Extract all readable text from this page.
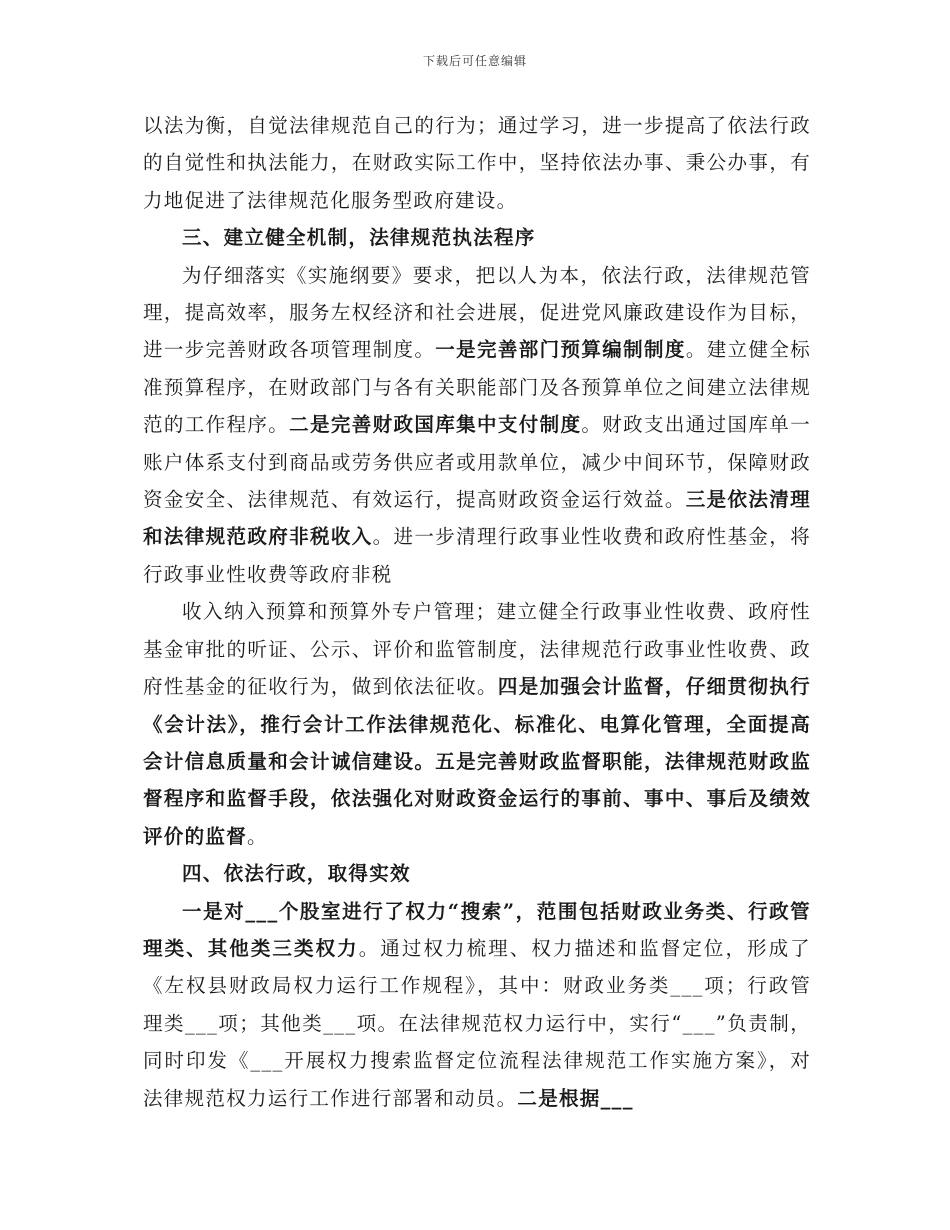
下载后可任意编辑

以法为衡，自觉法律规范自己的行为；通过学习，进一步提高了依法行政的自觉性和执法能力，在财政实际工作中，坚持依法办事、秉公办事，有力地促进了法律规范化服务型政府建设。

三、建立健全机制，法律规范执法程序

为仔细落实《实施纲要》要求，把以人为本，依法行政，法律规范管理，提高效率，服务左权经济和社会进展，促进党风廉政建设作为目标，进一步完善财政各项管理制度。一是完善部门预算编制制度。建立健全标准预算程序，在财政部门与各有关职能部门及各预算单位之间建立法律规范的工作程序。二是完善财政国库集中支付制度。财政支出通过国库单一账户体系支付到商品或劳务供应者或用款单位，减少中间环节，保障财政资金安全、法律规范、有效运行，提高财政资金运行效益。三是依法清理和法律规范政府非税收入。进一步清理行政事业性收费和政府性基金，将行政事业性收费等政府非税

收入纳入预算和预算外专户管理；建立健全行政事业性收费、政府性基金审批的听证、公示、评价和监管制度，法律规范行政事业性收费、政府性基金的征收行为，做到依法征收。四是加强会计监督，仔细贯彻执行《会计法》，推行会计工作法律规范化、标准化、电算化管理，全面提高会计信息质量和会计诚信建设。五是完善财政监督职能，法律规范财政监督程序和监督手段，依法强化对财政资金运行的事前、事中、事后及绩效评价的监督。

四、依法行政，取得实效

一是对___个股室进行了权力“搜索”，范围包括财政业务类、行政管理类、其他类三类权力。通过权力梳理、权力描述和监督定位，形成了《左权县财政局权力运行工作规程》，其中：财政业务类___项；行政管理类___项；其他类___项。在法律规范权力运行中，实行“___”负责制，同时印发《___开展权力搜索监督定位流程法律规范工作实施方案》，对法律规范权力运行工作进行部署和动员。二是根据___
